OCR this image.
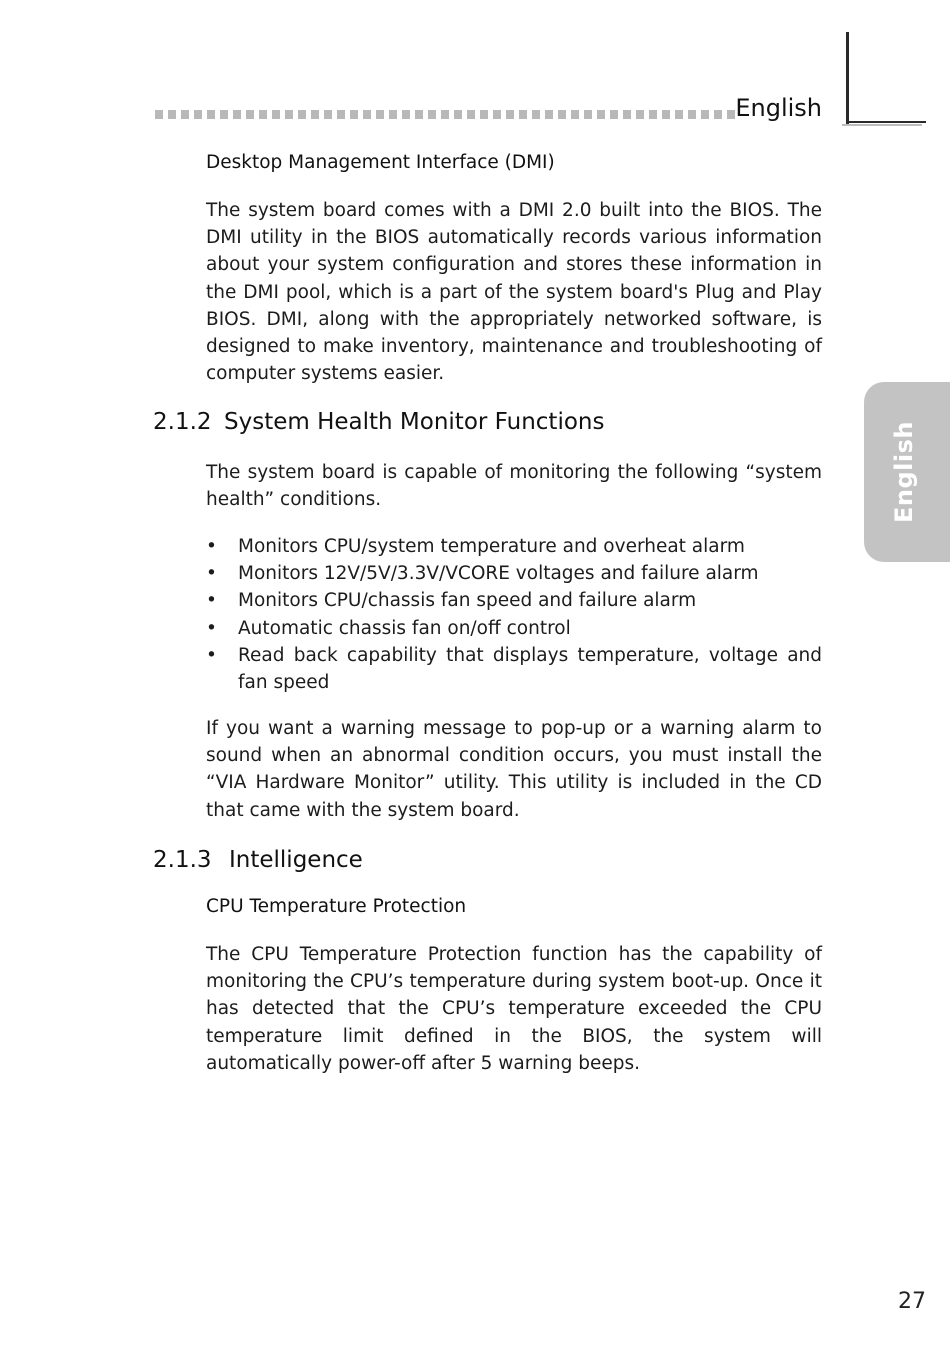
English
English
Desktop Management Interface (DMI)
The system board comes with a DMI 2.0 built into the BIOS. The DMI utility in the BIOS automatically records various information about your system configuration and stores these information in the DMI pool, which is a part of the system board's Plug and Play BIOS. DMI, along with the appropriately networked software, is designed to make inventory, maintenance and troubleshooting of computer systems easier.
2.1.2 System Health Monitor Functions
The system board is capable of monitoring the following “system health” conditions.
•	Monitors CPU/system temperature and overheat alarm
•	Monitors 12V/5V/3.3V/VCORE voltages and failure alarm
•	Monitors CPU/chassis fan speed and failure alarm
•	Automatic chassis fan on/off control
•	Read back capability that displays temperature, voltage and fan speed
If you want a warning message to pop-up or a warning alarm to sound when an abnormal condition occurs, you must install the “VIA Hardware Monitor” utility. This utility is included in the CD that came with the system board.
2.1.3 Intelligence
CPU Temperature Protection
The CPU Temperature Protection function has the capability of monitoring the CPU’s temperature during system boot-up. Once it has detected that the CPU’s temperature exceeded the CPU temperature limit defined in the BIOS, the system will automatically power-off after 5 warning beeps.
27
